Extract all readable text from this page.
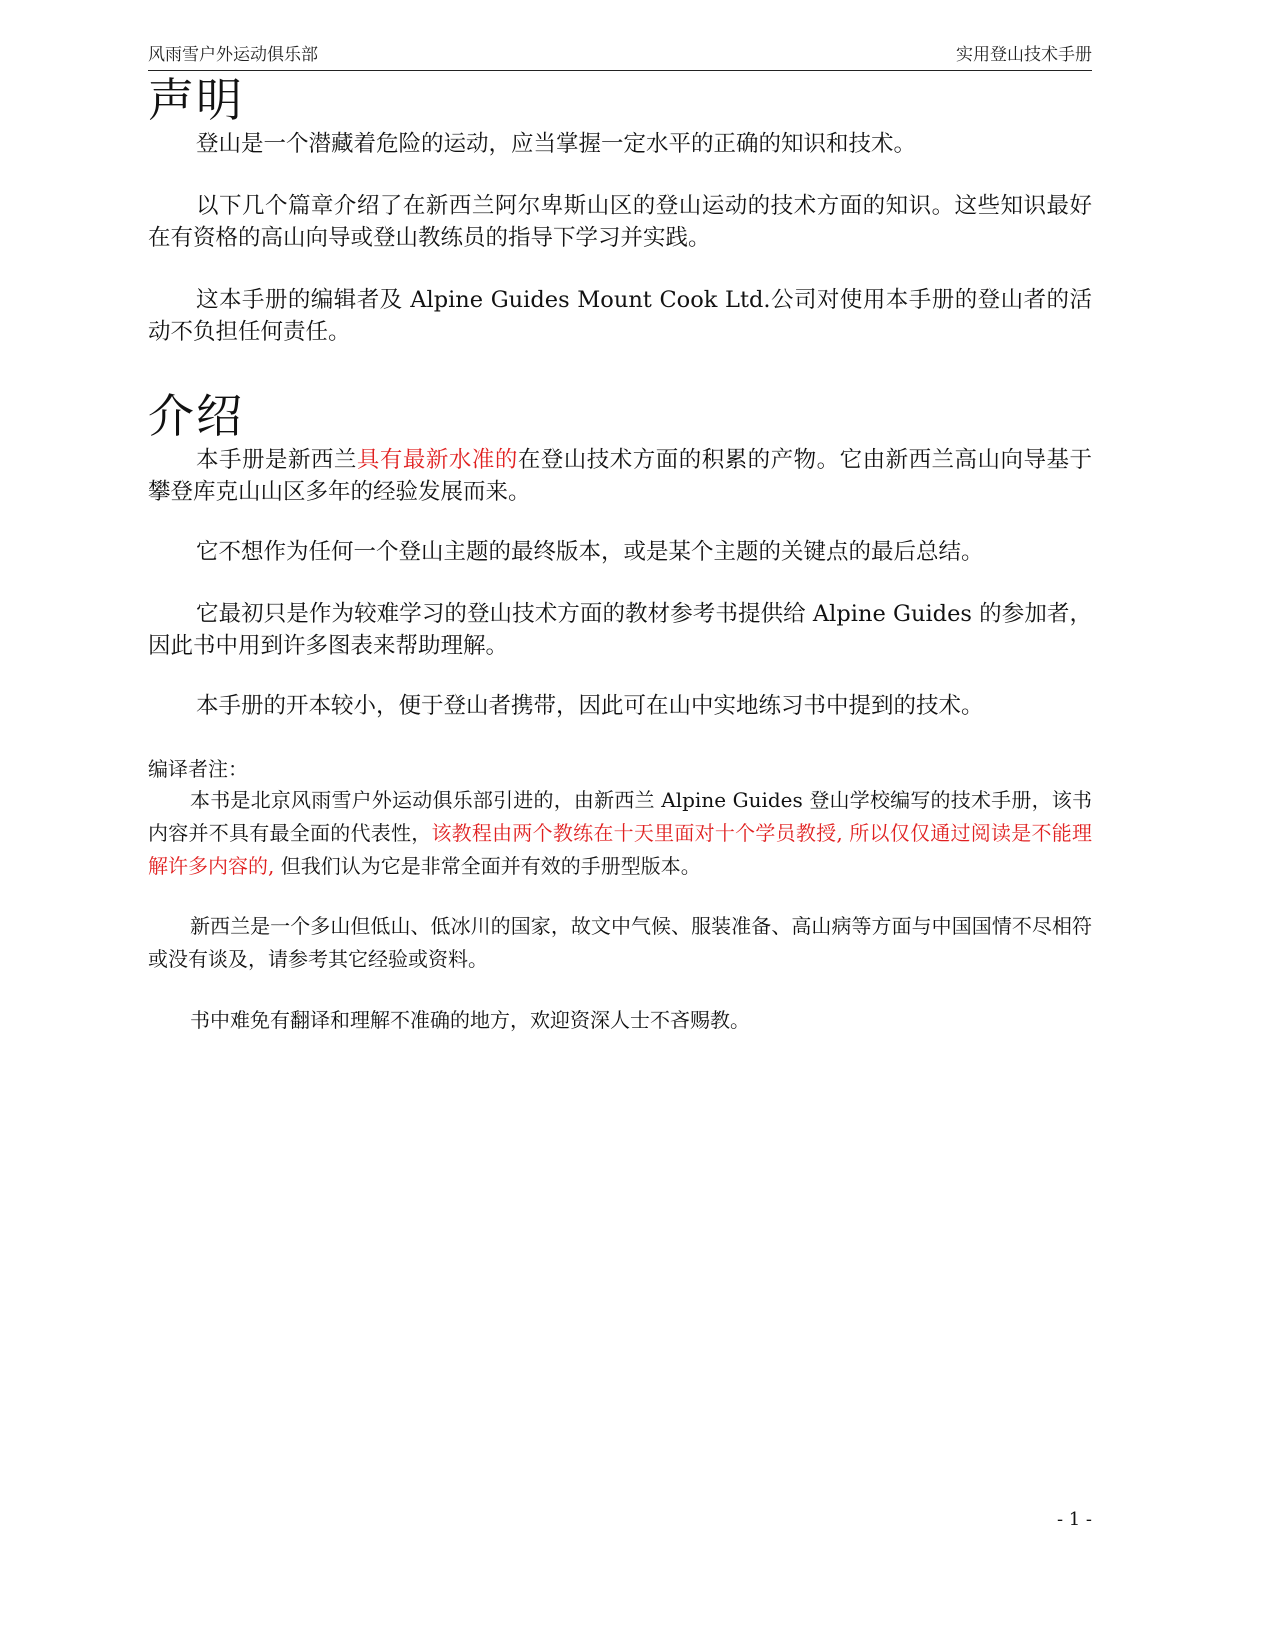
风雨雪户外运动俱乐部	实用登山技术手册
声明

登山是一个潜藏着危险的运动，应当掌握一定水平的正确的知识和技术。

以下几个篇章介绍了在新西兰阿尔卑斯山区的登山运动的技术方面的知识。这些知识最好在有资格的高山向导或登山教练员的指导下学习并实践。

这本手册的编辑者及 Alpine Guides Mount Cook Ltd.公司对使用本手册的登山者的活动不负担任何责任。

介绍

本手册是新西兰具有最新水准的在登山技术方面的积累的产物。它由新西兰高山向导基于攀登库克山山区多年的经验发展而来。

它不想作为任何一个登山主题的最终版本，或是某个主题的关键点的最后总结。

它最初只是作为较难学习的登山技术方面的教材参考书提供给 Alpine Guides 的参加者，因此书中用到许多图表来帮助理解。

本手册的开本较小，便于登山者携带，因此可在山中实地练习书中提到的技术。

编译者注：

本书是北京风雨雪户外运动俱乐部引进的，由新西兰 Alpine Guides 登山学校编写的技术手册，该书内容并不具有最全面的代表性，该教程由两个教练在十天里面对十个学员教授, 所以仅仅通过阅读是不能理解许多内容的, 但我们认为它是非常全面并有效的手册型版本。

新西兰是一个多山但低山、低冰川的国家，故文中气候、服装准备、高山病等方面与中国国情不尽相符或没有谈及，请参考其它经验或资料。

书中难免有翻译和理解不准确的地方，欢迎资深人士不吝赐教。

- 1 -
